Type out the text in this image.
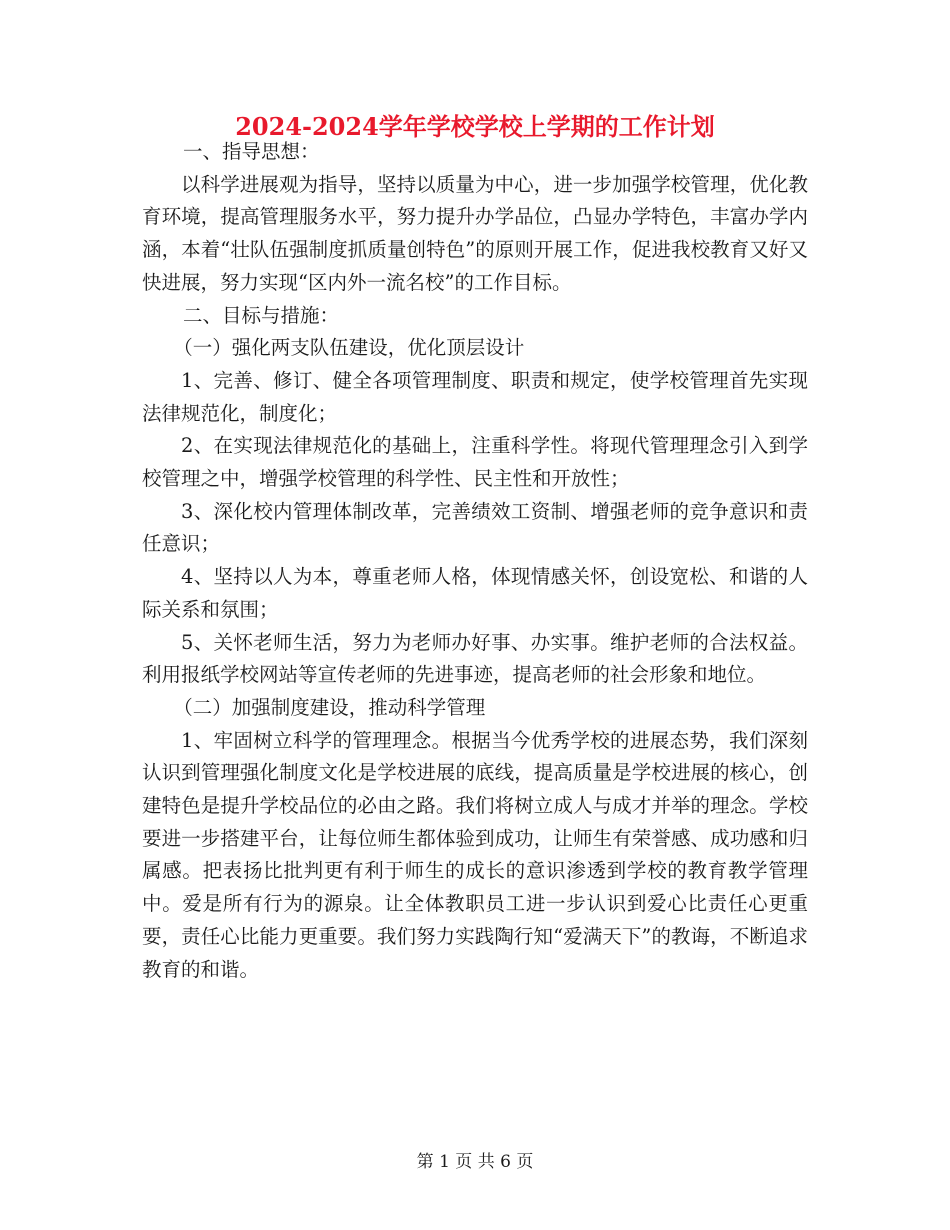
2024-2024学年学校学校上学期的工作计划

一、指导思想：

以科学进展观为指导，坚持以质量为中心，进一步加强学校管理，优化教育环境，提高管理服务水平，努力提升办学品位，凸显办学特色，丰富办学内涵，本着“壮队伍强制度抓质量创特色”的原则开展工作，促进我校教育又好又快进展，努力实现“区内外一流名校”的工作目标。

二、目标与措施：

（一）强化两支队伍建设，优化顶层设计

1、完善、修订、健全各项管理制度、职责和规定，使学校管理首先实现法律规范化，制度化；

2、在实现法律规范化的基础上，注重科学性。将现代管理理念引入到学校管理之中，增强学校管理的科学性、民主性和开放性；

3、深化校内管理体制改革，完善绩效工资制、增强老师的竞争意识和责任意识；

4、坚持以人为本，尊重老师人格，体现情感关怀，创设宽松、和谐的人际关系和氛围；

5、关怀老师生活，努力为老师办好事、办实事。维护老师的合法权益。利用报纸学校网站等宣传老师的先进事迹，提高老师的社会形象和地位。

（二）加强制度建设，推动科学管理

1、牢固树立科学的管理理念。根据当今优秀学校的进展态势，我们深刻认识到管理强化制度文化是学校进展的底线，提高质量是学校进展的核心，创建特色是提升学校品位的必由之路。我们将树立成人与成才并举的理念。学校要进一步搭建平台，让每位师生都体验到成功，让师生有荣誉感、成功感和归属感。把表扬比批判更有利于师生的成长的意识渗透到学校的教育教学管理中。爱是所有行为的源泉。让全体教职员工进一步认识到爱心比责任心更重要，责任心比能力更重要。我们努力实践陶行知“爱满天下”的教诲，不断追求教育的和谐。

第 1 页 共 6 页
